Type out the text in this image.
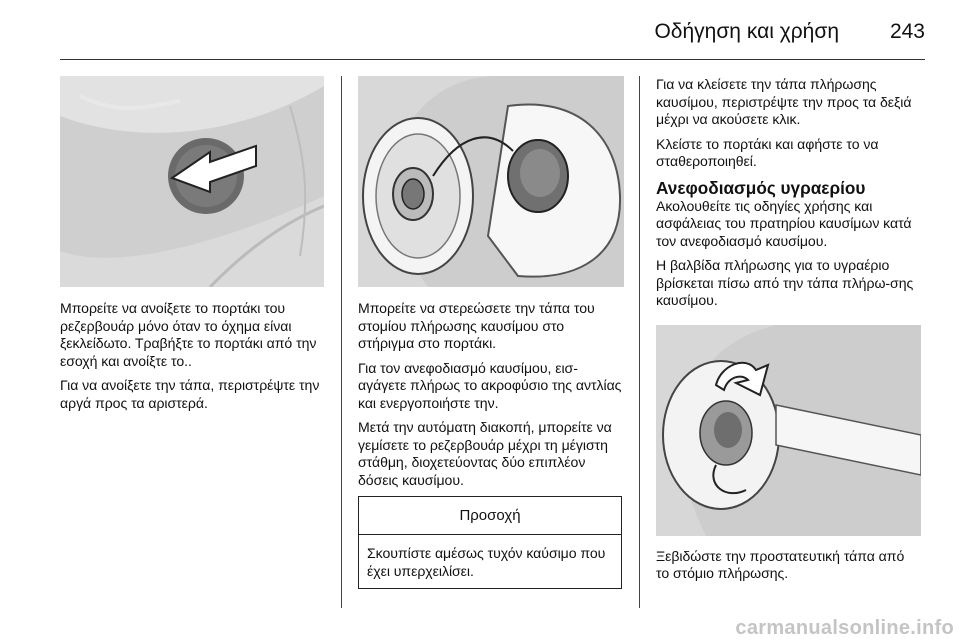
Οδήγηση και χρήση 243

Μπορείτε να ανοίξετε το πορτάκι του ρεζερβουάρ μόνο όταν το όχημα είναι ξεκλείδωτο. Τραβήξτε το πορτάκι από την εσοχή και ανοίξτε το..

Για να ανοίξετε την τάπα, περιστρέψτε την αργά προς τα αριστερά.

Μπορείτε να στερεώσετε την τάπα του στομίου πλήρωσης καυσίμου στο στήριγμα στο πορτάκι.

Για τον ανεφοδιασμό καυσίμου, εισ-αγάγετε πλήρως το ακροφύσιο της αντλίας και ενεργοποιήστε την.

Μετά την αυτόματη διακοπή, μπορείτε να γεμίσετε το ρεζερβουάρ μέχρι τη μέγιστη στάθμη, διοχετεύοντας δύο επιπλέον δόσεις καυσίμου.

Προσοχή

Σκουπίστε αμέσως τυχόν καύσιμο που έχει υπερχειλίσει.

Για να κλείσετε την τάπα πλήρωσης καυσίμου, περιστρέψτε την προς τα δεξιά μέχρι να ακούσετε κλικ.

Κλείστε το πορτάκι και αφήστε το να σταθεροποιηθεί.

Ανεφοδιασμός υγραερίου

Ακολουθείτε τις οδηγίες χρήσης και ασφάλειας του πρατηρίου καυσίμων κατά τον ανεφοδιασμό καυσίμου.

Η βαλβίδα πλήρωσης για το υγραέριο βρίσκεται πίσω από την τάπα πλήρω-σης καυσίμου.

Ξεβιδώστε την προστατευτική τάπα από το στόμιο πλήρωσης.

carmanualsonline.info
